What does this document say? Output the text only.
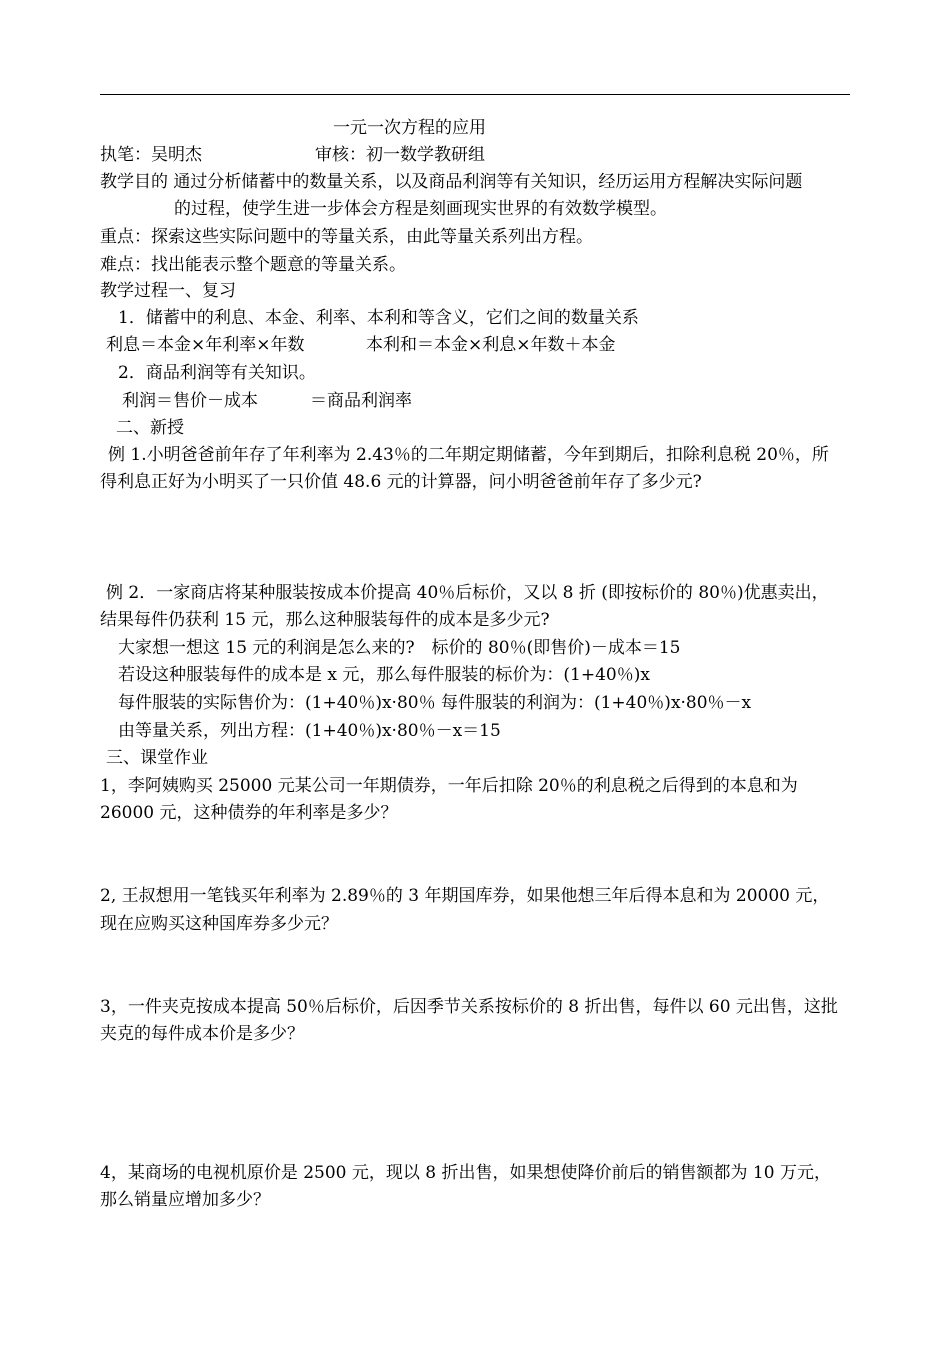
一元一次方程的应用
执笔：吴明杰	审核：初一数学教研组
教学目的 通过分析储蓄中的数量关系，以及商品利润等有关知识，经历运用方程解决实际问题
的过程，使学生进一步体会方程是刻画现实世界的有效数学模型。
重点：探索这些实际问题中的等量关系，由此等量关系列出方程。
难点：找出能表示整个题意的等量关系。
教学过程一、复习
1．储蓄中的利息、本金、利率、本利和等含义，它们之间的数量关系
利息＝本金×年利率×年数	本利和＝本金×利息×年数＋本金
2．商品利润等有关知识。
利润＝售价－成本	＝商品利润率
二、新授
例 1.小明爸爸前年存了年利率为 2.43％的二年期定期储蓄，今年到期后，扣除利息税 20％，所
得利息正好为小明买了一只价值 48.6 元的计算器，问小明爸爸前年存了多少元?
例 2．一家商店将某种服装按成本价提高 40％后标价，又以 8 折 (即按标价的 80％)优惠卖出，
结果每件仍获利 15 元，那么这种服装每件的成本是多少元?
大家想一想这 15 元的利润是怎么来的?　标价的 80％(即售价)－成本＝15
若设这种服装每件的成本是 x 元，那么每件服装的标价为：(1+40％)x
每件服装的实际售价为：(1+40％)x·80％ 每件服装的利润为：(1+40％)x·80％－x
由等量关系，列出方程：(1+40％)x·80％－x＝15
三、课堂作业
1，李阿姨购买 25000 元某公司一年期债券，一年后扣除 20％的利息税之后得到的本息和为
26000 元，这种债券的年利率是多少？
2, 王叔想用一笔钱买年利率为 2.89％的 3 年期国库券，如果他想三年后得本息和为 20000 元，
现在应购买这种国库券多少元？
3，一件夹克按成本提高 50％后标价，后因季节关系按标价的 8 折出售，每件以 60 元出售，这批
夹克的每件成本价是多少？
4，某商场的电视机原价是 2500 元，现以 8 折出售，如果想使降价前后的销售额都为 10 万元，
那么销量应增加多少？
